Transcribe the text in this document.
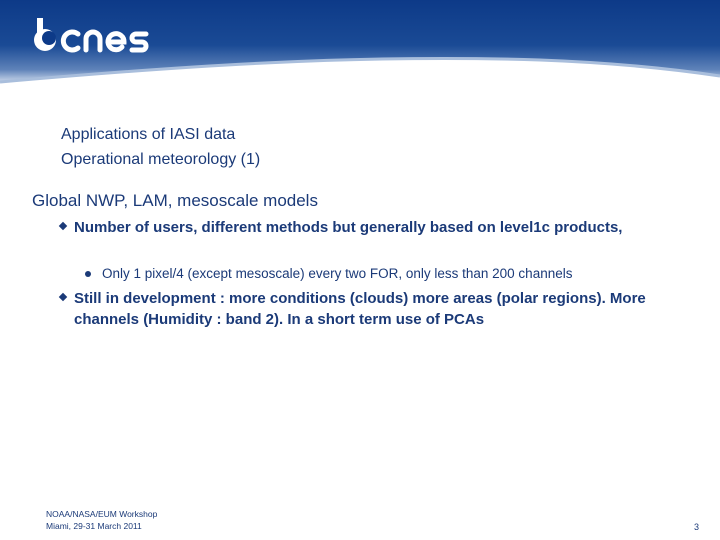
Applications of IASI data

Operational meteorology (1)

Global NWP, LAM, mesoscale models
Number of users, different methods but generally based on level1c products,
Only 1 pixel/4 (except mesoscale) every two FOR, only less than 200 channels
Still in development : more conditions (clouds) more areas (polar regions). More channels (Humidity : band 2). In a short term use of PCAs
NOAA/NASA/EUM Workshop
Miami, 29-31 March 2011	3
